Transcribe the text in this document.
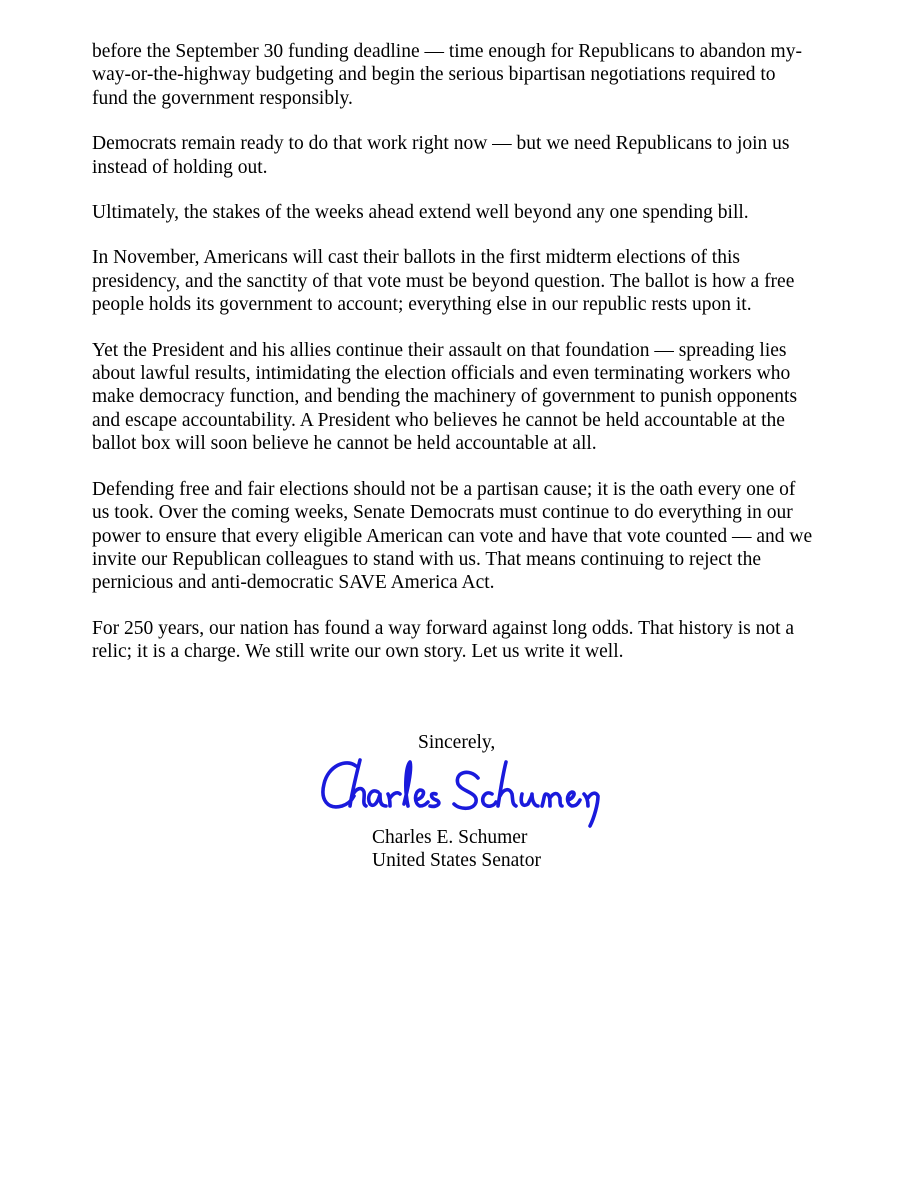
before the September 30 funding deadline — time enough for Republicans to abandon my-way-or-the-highway budgeting and begin the serious bipartisan negotiations required to fund the government responsibly.

Democrats remain ready to do that work right now — but we need Republicans to join us instead of holding out.

Ultimately, the stakes of the weeks ahead extend well beyond any one spending bill.

In November, Americans will cast their ballots in the first midterm elections of this presidency, and the sanctity of that vote must be beyond question. The ballot is how a free people holds its government to account; everything else in our republic rests upon it.

Yet the President and his allies continue their assault on that foundation — spreading lies about lawful results, intimidating the election officials and even terminating workers who make democracy function, and bending the machinery of government to punish opponents and escape accountability. A President who believes he cannot be held accountable at the ballot box will soon believe he cannot be held accountable at all.

Defending free and fair elections should not be a partisan cause; it is the oath every one of us took. Over the coming weeks, Senate Democrats must continue to do everything in our power to ensure that every eligible American can vote and have that vote counted — and we invite our Republican colleagues to stand with us. That means continuing to reject the pernicious and anti-democratic SAVE America Act.

For 250 years, our nation has found a way forward against long odds. That history is not a relic; it is a charge. We still write our own story. Let us write it well.

Sincerely,

Charles E. Schumer

United States Senator
